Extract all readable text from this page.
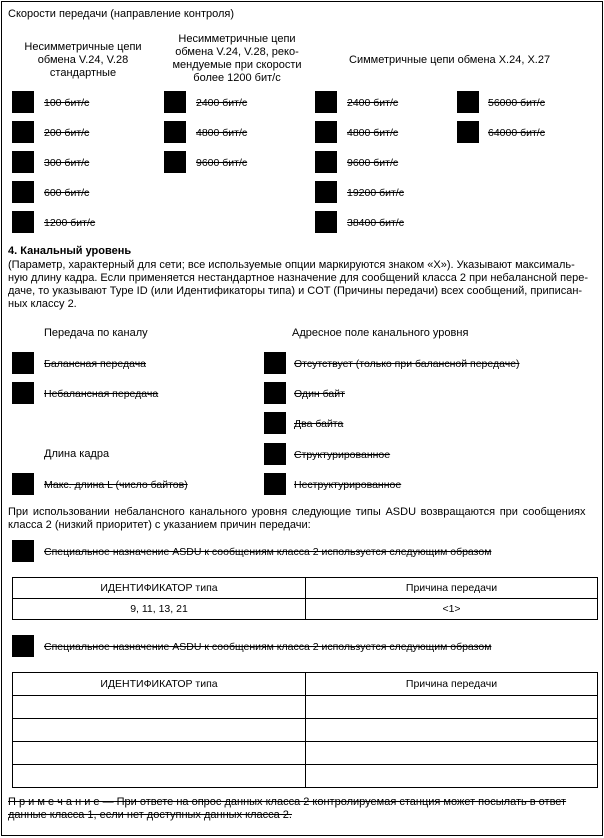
Скорости передачи (направление контроля)
Несимметричные цепи
обмена V.24, V.28
стандартные
Несимметричные цепи
обмена V.24, V.28, реко-
мендуемые при скорости
более 1200 бит/с
Симметричные цепи обмена X.24, X.27
100 бит/с
200 бит/с
300 бит/с
600 бит/с
1200 бит/с
2400 бит/с
4800 бит/с
9600 бит/с
2400 бит/с
4800 бит/с
9600 бит/с
19200 бит/с
38400 бит/с
56000 бит/с
64000 бит/с
4. Канальный уровень
(Параметр, характерный для сети; все используемые опции маркируются знаком «X»). Указывают максималь-
ную длину кадра. Если применяется нестандартное назначение для сообщений класса 2 при небалансной пере-
даче, то указывают Type ID (или Идентификаторы типа) и COT (Причины передачи) всех сообщений, приписан-
ных классу 2.
Передача по каналу	Адресное поле канального уровня
Балансная передача
Небалансная передача
Отсутствует (только при балансной передаче)
Один байт
Два байта
Структурированное
Неструктурированное
Длина кадра
Макс. длина L (число байтов)
При использовании небалансного канального уровня следующие типы ASDU возвращаются при сообщениях
класса 2 (низкий приоритет) с указанием причин передачи:
Специальное назначение ASDU к сообщениям класса 2 используется следующим образом
ИДЕНТИФИКАТОР типа	Причина передачи
9, 11, 13, 21	<1>
Специальное назначение ASDU к сообщениям класса 2 используется следующим образом
ИДЕНТИФИКАТОР типа	Причина передачи

П р и м е ч а н и е — При ответе на опрос данных класса 2 контролируемая станция может посылать в ответ
данные класса 1, если нет доступных данных класса 2.
